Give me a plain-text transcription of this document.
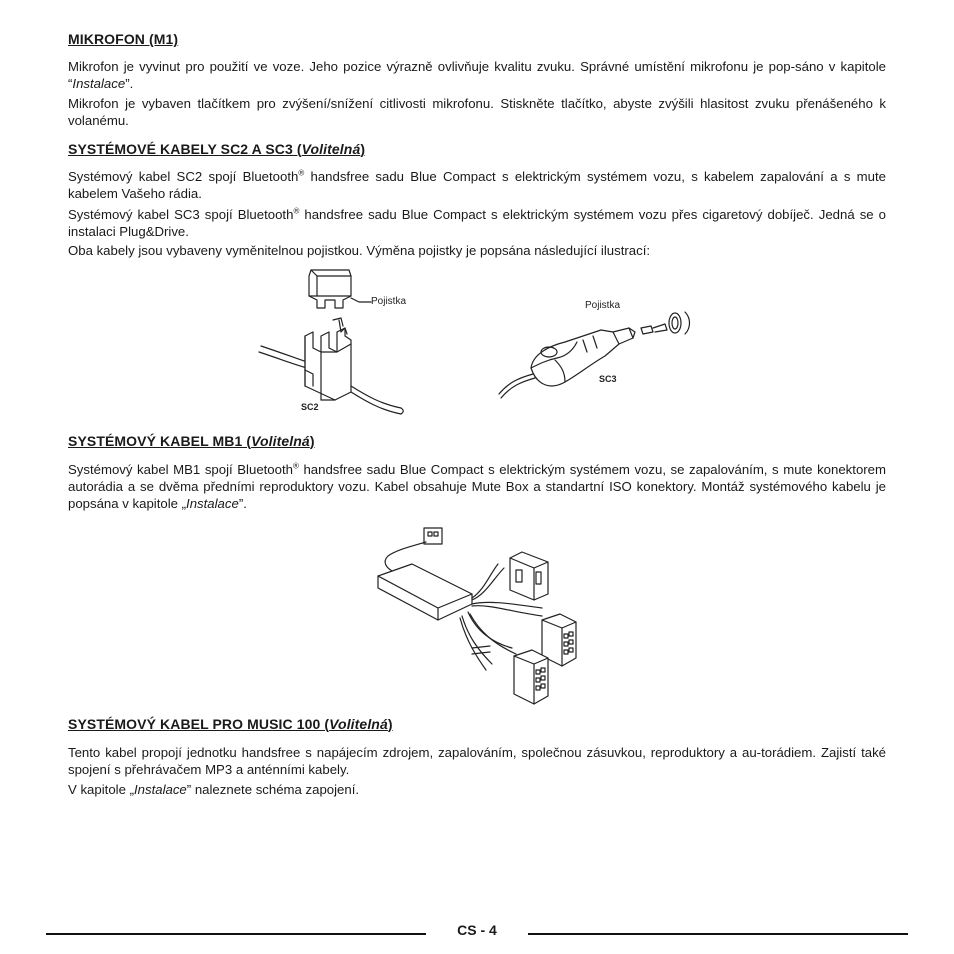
MIKROFON (M1)

Mikrofon je vyvinut pro použití ve voze. Jeho pozice výrazně ovlivňuje kvalitu zvuku. Správné umístění mikrofonu je pop-sáno v kapitole “Instalace”.

Mikrofon je vybaven tlačítkem pro zvýšení/snížení citlivosti mikrofonu. Stiskněte tlačítko, abyste zvýšili hlasitost zvuku přenášeného k volanému.

SYSTÉMOVÉ KABELY SC2 A SC3 (Volitelná)

Systémový kabel SC2 spojí Bluetooth® handsfree sadu Blue Compact s elektrickým systémem vozu, s kabelem zapalování a s mute kabelem Vašeho rádia.

Systémový kabel SC3 spojí Bluetooth® handsfree sadu Blue Compact s elektrickým systémem vozu přes cigaretový dobíječ. Jedná se o instalaci Plug&Drive.

Oba kabely jsou vybaveny vyměnitelnou pojistkou. Výměna pojistky je popsána následující ilustrací:

Pojistka
SC2
Pojistka
SC3
SYSTÉMOVÝ KABEL MB1 (Volitelná)

Systémový kabel MB1 spojí Bluetooth® handsfree sadu Blue Compact s elektrickým systémem vozu, se zapalováním, s mute konektorem autorádia a se dvěma předními reproduktory vozu. Kabel obsahuje Mute Box a standartní ISO konektory. Montáž systémového kabelu je popsána v kapitole „Instalace”.

SYSTÉMOVÝ KABEL PRO MUSIC 100 (Volitelná)

Tento kabel propojí jednotku handsfree s napájecím zdrojem, zapalováním, společnou zásuvkou, reproduktory a au-torádiem. Zajistí také spojení s přehrávačem MP3 a anténními kabely.

V kapitole „Instalace” naleznete schéma zapojení.

CS - 4
